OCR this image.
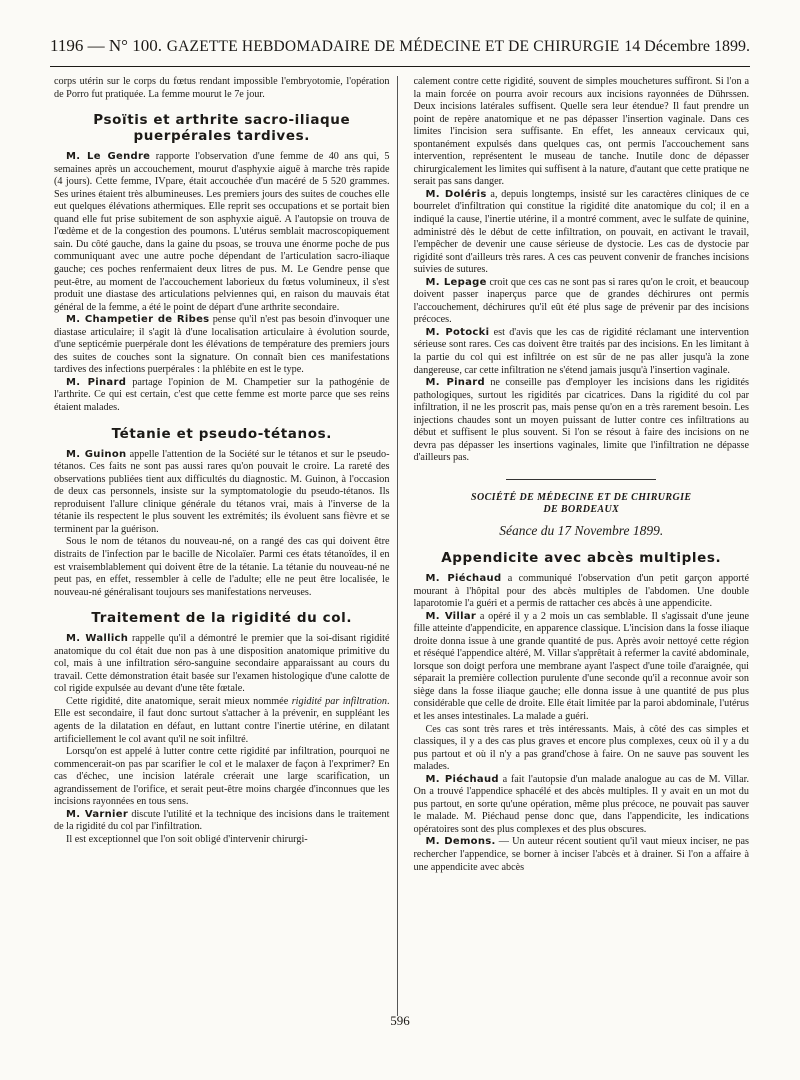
1196 — N° 100. GAZETTE HEBDOMADAIRE DE MÉDECINE ET DE CHIRURGIE 14 Décembre 1899.

corps utérin sur le corps du fœtus rendant impossible l'embryotomie, l'opération de Porro fut pratiquée. La femme mourut le 7e jour.

Psoïtis et arthrite sacro-iliaque puerpérales tardives.

M. Le Gendre rapporte l'observation d'une femme de 40 ans qui, 5 semaines après un accouchement, mourut d'asphyxie aiguë à marche très rapide (4 jours). Cette femme, IVpare, était accouchée d'un macéré de 5 520 grammes. Ses urines étaient très albumineuses. Les premiers jours des suites de couches elle eut quelques élévations athermiques. Elle reprit ses occupations et se portait bien quand elle fut prise subitement de son asphyxie aiguë. A l'autopsie on trouva de l'œdème et de la congestion des poumons. L'utérus semblait macroscopiquement sain. Du côté gauche, dans la gaine du psoas, se trouva une énorme poche de pus communiquant avec une autre poche dépendant de l'articulation sacro-iliaque gauche; ces poches renfermaient deux litres de pus. M. Le Gendre pense que peut-être, au moment de l'accouchement laborieux du fœtus volumineux, il s'est produit une diastase des articulations pelviennes qui, en raison du mauvais état général de la femme, a été le point de départ d'une arthrite secondaire.

M. Champetier de Ribes pense qu'il n'est pas besoin d'invoquer une diastase articulaire; il s'agit là d'une localisation articulaire à évolution sourde, d'une septicémie puerpérale dont les élévations de température des premiers jours des suites de couches sont la signature. On connaît bien ces manifestations tardives des infections puerpérales : la phlébite en est le type.

M. Pinard partage l'opinion de M. Champetier sur la pathogénie de l'arthrite. Ce qui est certain, c'est que cette femme est morte parce que ses reins étaient malades.

Tétanie et pseudo-tétanos.

M. Guinon appelle l'attention de la Société sur le tétanos et sur le pseudo-tétanos. Ces faits ne sont pas aussi rares qu'on pouvait le croire. La rareté des observations publiées tient aux difficultés du diagnostic. M. Guinon, à l'occasion de deux cas personnels, insiste sur la symptomatologie du pseudo-tétanos. Ils reproduisent l'allure clinique générale du tétanos vrai, mais à l'inverse de la tétanie ils respectent le plus souvent les extrémités; ils évoluent sans fièvre et se terminent par la guérison.

Sous le nom de tétanos du nouveau-né, on a rangé des cas qui doivent être distraits de l'infection par le bacille de Nicolaïer. Parmi ces états tétanoïdes, il en est vraisemblablement qui doivent être de la tétanie. La tétanie du nouveau-né ne peut pas, en effet, ressembler à celle de l'adulte; elle ne peut être localisée, le nouveau-né généralisant toujours ses manifestations nerveuses.

Traitement de la rigidité du col.

M. Wallich rappelle qu'il a démontré le premier que la soi-disant rigidité anatomique du col était due non pas à une disposition anatomique primitive du col, mais à une infiltration séro-sanguine secondaire apparaissant au cours du travail. Cette démonstration était basée sur l'examen histologique d'une calotte de col rigide expulsée au devant d'une tête fœtale.

Cette rigidité, dite anatomique, serait mieux nommée rigidité par infiltration. Elle est secondaire, il faut donc surtout s'attacher à la prévenir, en suppléant les agents de la dilatation en défaut, en luttant contre l'inertie utérine, en dilatant artificiellement le col avant qu'il ne soit infiltré.

Lorsqu'on est appelé à lutter contre cette rigidité par infiltration, pourquoi ne commencerait-on pas par scarifier le col et le malaxer de façon à l'exprimer? En cas d'échec, une incision latérale créerait une large scarification, un agrandissement de l'orifice, et serait peut-être moins chargée d'inconnues que les incisions rayonnées en tous sens.

M. Varnier discute l'utilité et la technique des incisions dans le traitement de la rigidité du col par l'infiltration.

Il est exceptionnel que l'on soit obligé d'intervenir chirurgi-

calement contre cette rigidité, souvent de simples mouchetures suffiront. Si l'on a la main forcée on pourra avoir recours aux incisions rayonnées de Dührssen. Deux incisions latérales suffisent. Quelle sera leur étendue? Il faut prendre un point de repère anatomique et ne pas dépasser l'insertion vaginale. Dans ces limites l'incision sera suffisante. En effet, les anneaux cervicaux qui, spontanément expulsés dans quelques cas, ont permis l'accouchement sans intervention, représentent le museau de tanche. Inutile donc de dépasser chirurgicalement les limites qui suffisent à la nature, d'autant que cette pratique ne serait pas sans danger.

M. Doléris a, depuis longtemps, insisté sur les caractères cliniques de ce bourrelet d'infiltration qui constitue la rigidité dite anatomique du col; il en a indiqué la cause, l'inertie utérine, il a montré comment, avec le sulfate de quinine, administré dès le début de cette infiltration, on pouvait, en activant le travail, l'empêcher de devenir une cause sérieuse de dystocie. Les cas de dystocie par rigidité sont d'ailleurs très rares. A ces cas peuvent convenir de franches incisions suivies de sutures.

M. Lepage croit que ces cas ne sont pas si rares qu'on le croit, et beaucoup doivent passer inaperçus parce que de grandes déchirures ont permis l'accouchement, déchirures qu'il eût été plus sage de prévenir par des incisions précoces.

M. Potocki est d'avis que les cas de rigidité réclamant une intervention sérieuse sont rares. Ces cas doivent être traités par des incisions. En les limitant à la partie du col qui est infiltrée on est sûr de ne pas aller jusqu'à la zone dangereuse, car cette infiltration ne s'étend jamais jusqu'à l'insertion vaginale.

M. Pinard ne conseille pas d'employer les incisions dans les rigidités pathologiques, surtout les rigidités par cicatrices. Dans la rigidité du col par infiltration, il ne les proscrit pas, mais pense qu'on en a très rarement besoin. Les injections chaudes sont un moyen puissant de lutter contre ces infiltrations au début et suffisent le plus souvent. Si l'on se résout à faire des incisions on ne devra pas dépasser les insertions vaginales, limite que l'infiltration ne dépasse d'ailleurs pas.

SOCIÉTÉ DE MÉDECINE ET DE CHIRURGIE
DE BORDEAUX
Séance du 17 Novembre 1899.
Appendicite avec abcès multiples.

M. Piéchaud a communiqué l'observation d'un petit garçon apporté mourant à l'hôpital pour des abcès multiples de l'abdomen. Une double laparotomie l'a guéri et a permis de rattacher ces abcès à une appendicite.

M. Villar a opéré il y a 2 mois un cas semblable. Il s'agissait d'une jeune fille atteinte d'appendicite, en apparence classique. L'incision dans la fosse iliaque droite donna issue à une grande quantité de pus. Après avoir nettoyé cette région et réséqué l'appendice altéré, M. Villar s'apprêtait à refermer la cavité abdominale, lorsque son doigt perfora une membrane ayant l'aspect d'une toile d'araignée, qui séparait la première collection purulente d'une seconde qu'il a reconnue avoir son siège dans la fosse iliaque gauche; elle donna issue à une quantité de pus plus considérable que celle de droite. Elle était limitée par la paroi abdominale, l'utérus et les anses intestinales. La malade a guéri.

Ces cas sont très rares et très intéressants. Mais, à côté des cas simples et classiques, il y a des cas plus graves et encore plus complexes, ceux où il y a du pus partout et où il n'y a pas grand'chose à faire. On ne sauve pas souvent les malades.

M. Piéchaud a fait l'autopsie d'un malade analogue au cas de M. Villar. On a trouvé l'appendice sphacélé et des abcès multiples. Il y avait en un mot du pus partout, en sorte qu'une opération, même plus précoce, ne pouvait pas sauver le malade. M. Piéchaud pense donc que, dans l'appendicite, les indications opératoires sont des plus complexes et des plus obscures.

M. Demons. — Un auteur récent soutient qu'il vaut mieux inciser, ne pas rechercher l'appendice, se borner à inciser l'abcès et à drainer. Si l'on a affaire à une appendicite avec abcès

596
